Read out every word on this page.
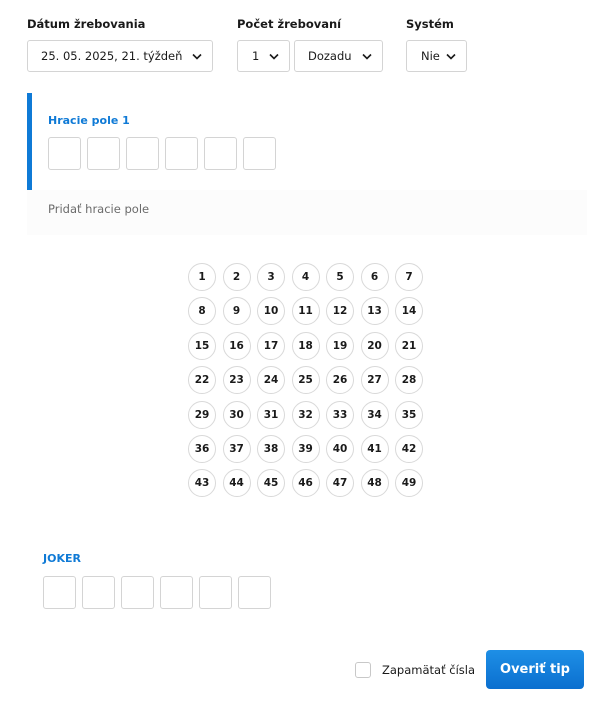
Dátum žrebovania
25. 05. 2025, 21. týždeň
Počet žrebovaní
1	Dozadu
Systém
Nie
Hracie pole 1
Pridať hracie pole
1	2	3	4	5	6	7
8	9	10	11	12	13	14
15	16	17	18	19	20	21
22	23	24	25	26	27	28
29	30	31	32	33	34	35
36	37	38	39	40	41	42
43	44	45	46	47	48	49
JOKER
Zapamätať čísla	Overiť tip
